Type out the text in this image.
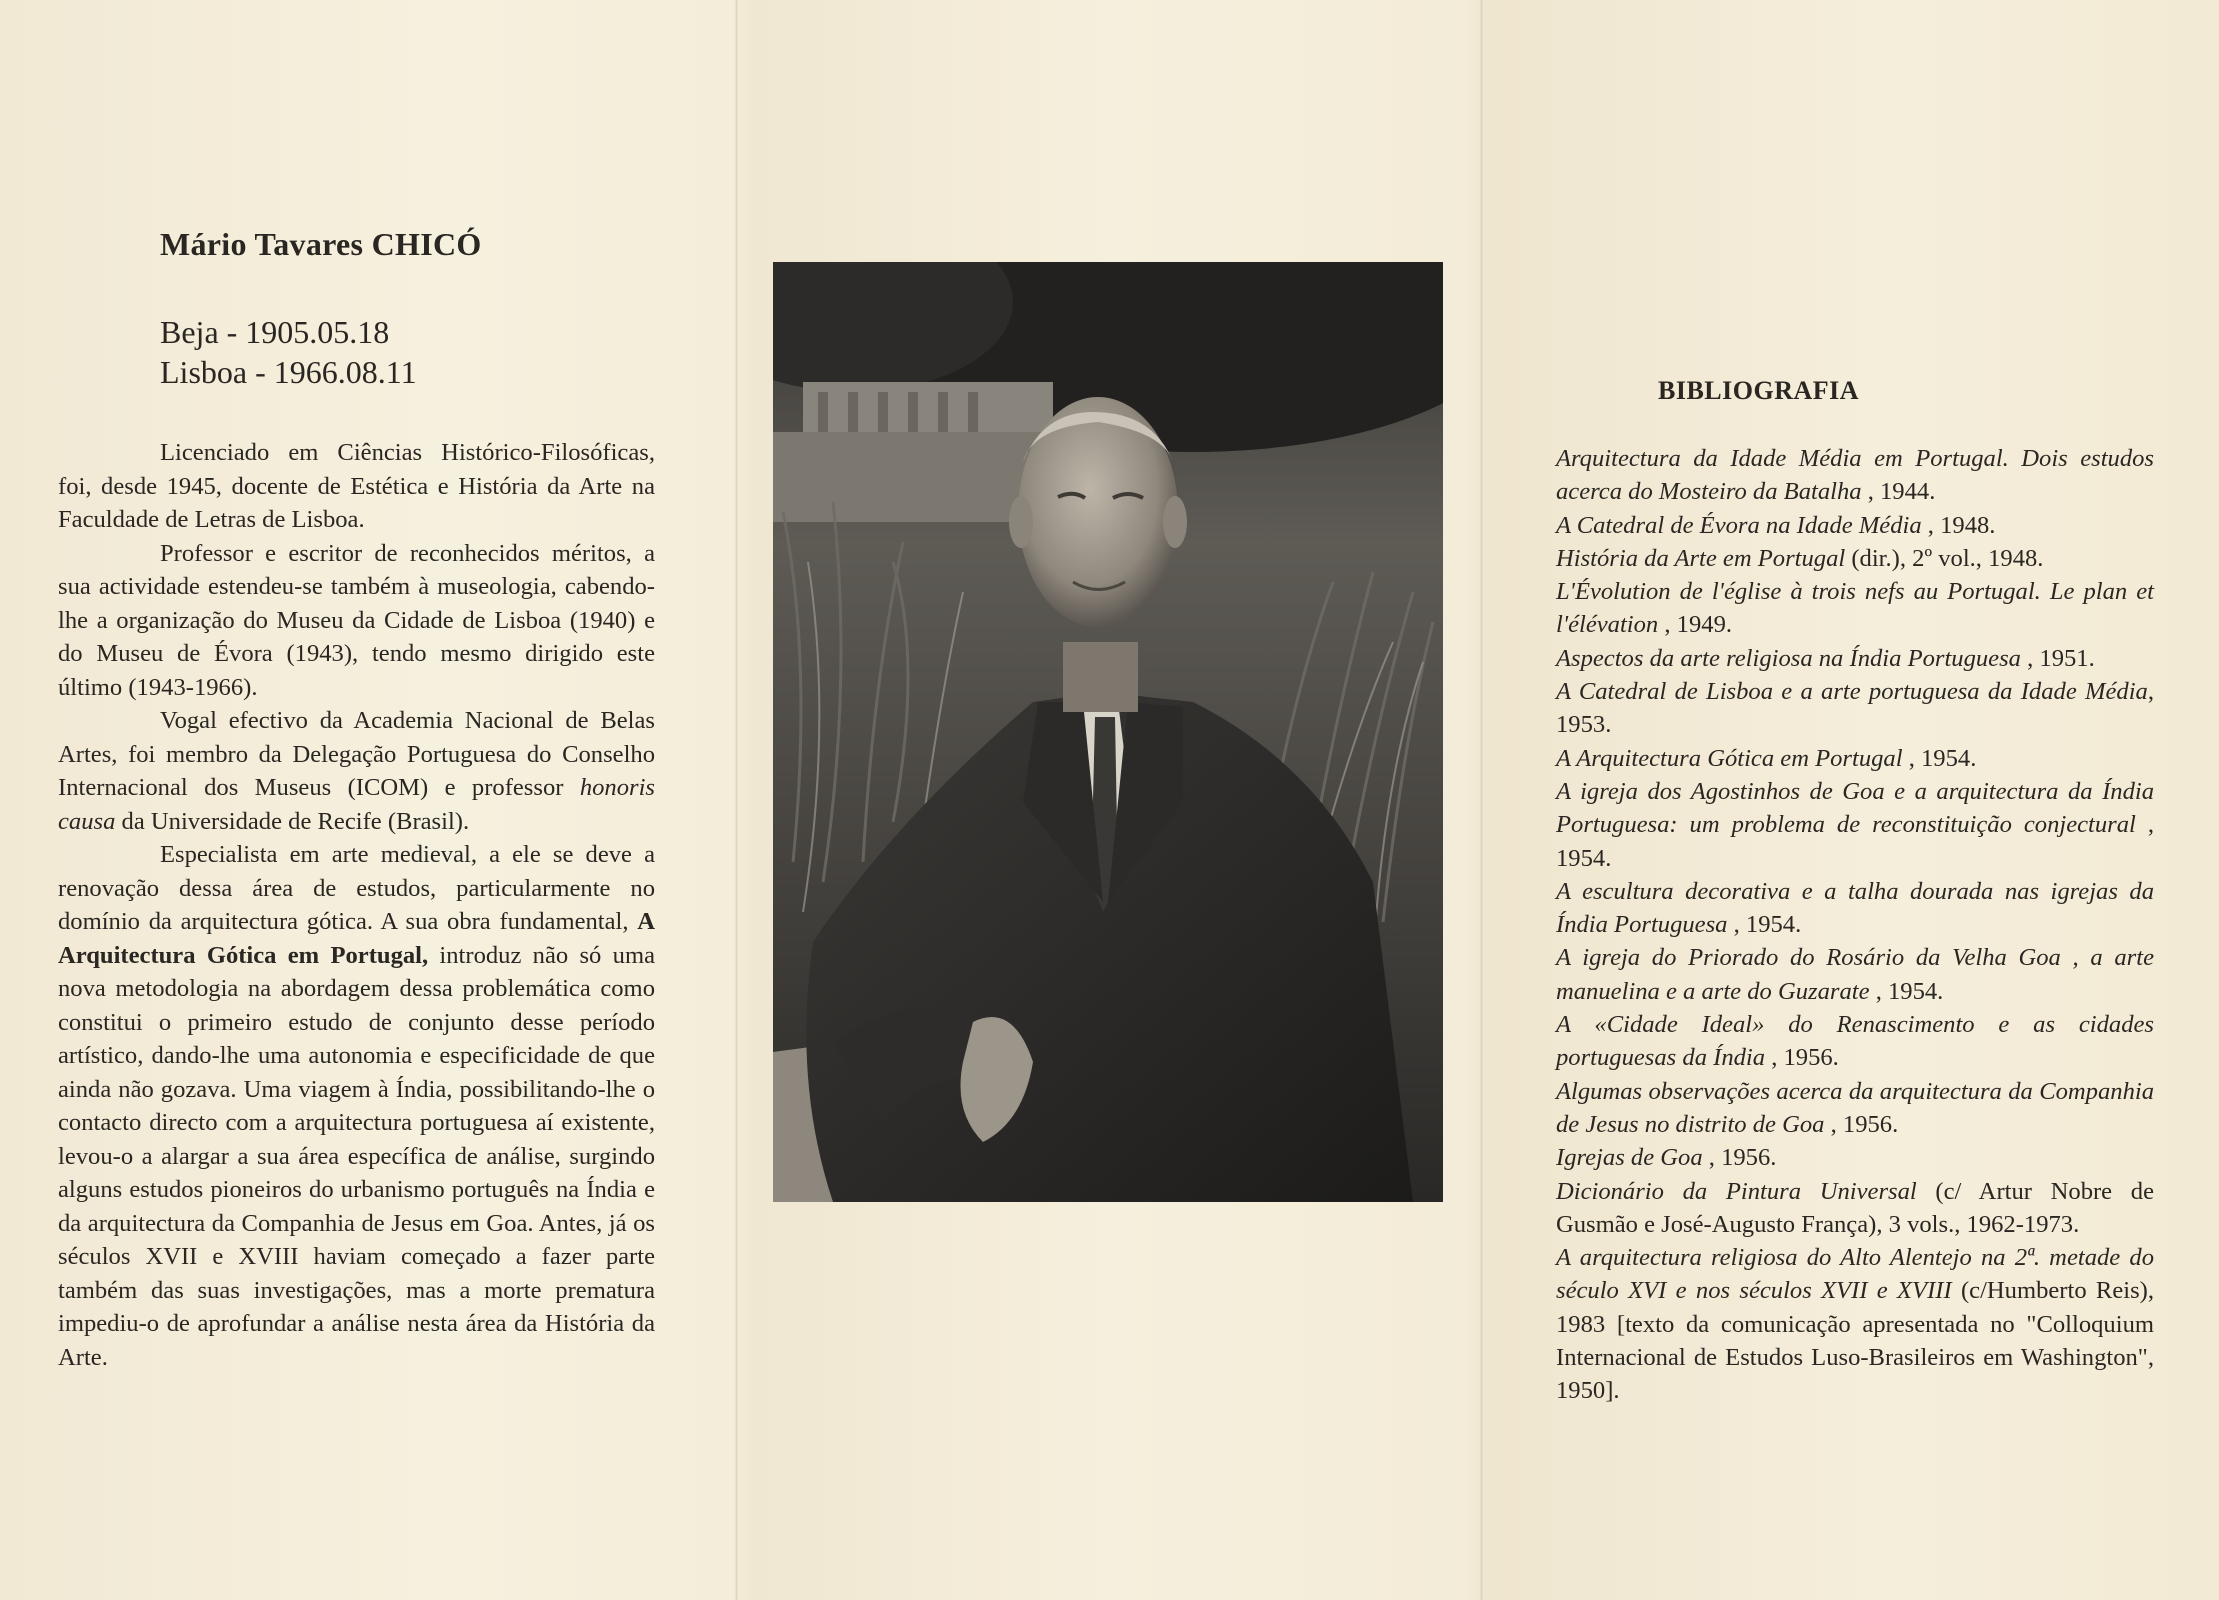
Mário Tavares CHICÓ
Beja - 1905.05.18
Lisboa - 1966.08.11

Licenciado em Ciências Histórico-Filosóficas, foi, desde 1945, docente de Estética e História da Arte na Faculdade de Letras de Lisboa.

Professor e escritor de reconhecidos méritos, a sua actividade estendeu-se também à museologia, cabendo-lhe a organização do Museu da Cidade de Lisboa (1940) e do Museu de Évora (1943), tendo mesmo dirigido este último (1943-1966).

Vogal efectivo da Academia Nacional de Belas Artes, foi membro da Delegação Portuguesa do Conselho Internacional dos Museus (ICOM) e professor honoris causa da Universidade de Recife (Brasil).

Especialista em arte medieval, a ele se deve a renovação dessa área de estudos, particularmente no domínio da arquitectura gótica. A sua obra fundamental, A Arquitectura Gótica em Portugal, introduz não só uma nova metodologia na abordagem dessa problemática como constitui o primeiro estudo de conjunto desse período artístico, dando-lhe uma autonomia e especificidade de que ainda não gozava. Uma viagem à Índia, possibilitando-lhe o contacto directo com a arquitectura portuguesa aí existente, levou-o a alargar a sua área específica de análise, surgindo alguns estudos pioneiros do urbanismo português na Índia e da arquitectura da Companhia de Jesus em Goa. Antes, já os séculos XVII e XVIII haviam começado a fazer parte também das suas investigações, mas a morte prematura impediu-o de aprofundar a análise nesta área da História da Arte.

BIBLIOGRAFIA
Arquitectura da Idade Média em Portugal. Dois estudos acerca do Mosteiro da Batalha , 1944.
A Catedral de Évora na Idade Média , 1948.
História da Arte em Portugal (dir.), 2º vol., 1948.
L'Évolution de l'église à trois nefs au Portugal. Le plan et l'élévation , 1949.
Aspectos da arte religiosa na Índia Portuguesa , 1951.
A Catedral de Lisboa e a arte portuguesa da Idade Média, 1953.
A Arquitectura Gótica em Portugal , 1954.
A igreja dos Agostinhos de Goa e a arquitectura da Índia Portuguesa: um problema de reconstituição conjectural , 1954.
A escultura decorativa e a talha dourada nas igrejas da Índia Portuguesa , 1954.
A igreja do Priorado do Rosário da Velha Goa , a arte manuelina e a arte do Guzarate , 1954.
A «Cidade Ideal» do Renascimento e as cidades portuguesas da Índia , 1956.
Algumas observações acerca da arquitectura da Companhia de Jesus no distrito de Goa , 1956.
Igrejas de Goa , 1956.
Dicionário da Pintura Universal (c/ Artur Nobre de Gusmão e José-Augusto França), 3 vols., 1962-1973.
A arquitectura religiosa do Alto Alentejo na 2ª. metade do século XVI e nos séculos XVII e XVIII (c/Humberto Reis), 1983 [texto da comunicação apresentada no "Colloquium Internacional de Estudos Luso-Brasileiros em Washington", 1950].
